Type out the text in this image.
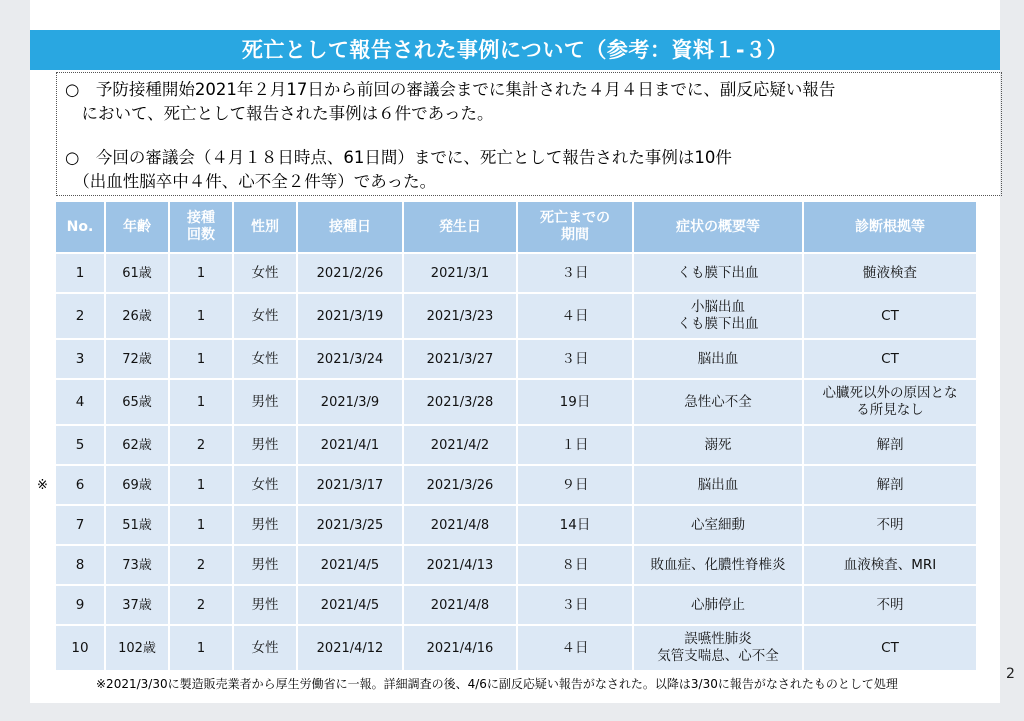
死亡として報告された事例について（参考：資料１-３）
○　予防接種開始2021年２月17日から前回の審議会までに集計された４月４日までに、副反応疑い報告
　において、死亡として報告された事例は６件であった。
○　今回の審議会（４月１８日時点、61日間）までに、死亡として報告された事例は10件
　（出血性脳卒中４件、心不全２件等）であった。
※2021/3/30に製造販売業者から厚生労働省に一報。詳細調査の後、4/6に副反応疑い報告がなされた。以降は3/30に報告がなされたものとして処理
2
※
No.	年齢	接種
回数	性別	接種日	発生日	死亡までの
期間	症状の概要等	診断根拠等
1	61歳	1	女性	2021/2/26	2021/3/1	３日	くも膜下出血	髄液検査
2	26歳	1	女性	2021/3/19	2021/3/23	４日	小脳出血
くも膜下出血	CT
3	72歳	1	女性	2021/3/24	2021/3/27	３日	脳出血	CT
4	65歳	1	男性	2021/3/9	2021/3/28	19日	急性心不全	心臓死以外の原因とな
る所見なし
5	62歳	2	男性	2021/4/1	2021/4/2	１日	溺死	解剖
6	69歳	1	女性	2021/3/17	2021/3/26	９日	脳出血	解剖
7	51歳	1	男性	2021/3/25	2021/4/8	14日	心室細動	不明
8	73歳	2	男性	2021/4/5	2021/4/13	８日	敗血症、化膿性脊椎炎	血液検査、MRI
9	37歳	2	男性	2021/4/5	2021/4/8	３日	心肺停止	不明
10	102歳	1	女性	2021/4/12	2021/4/16	４日	誤嚥性肺炎
気管支喘息、心不全	CT
